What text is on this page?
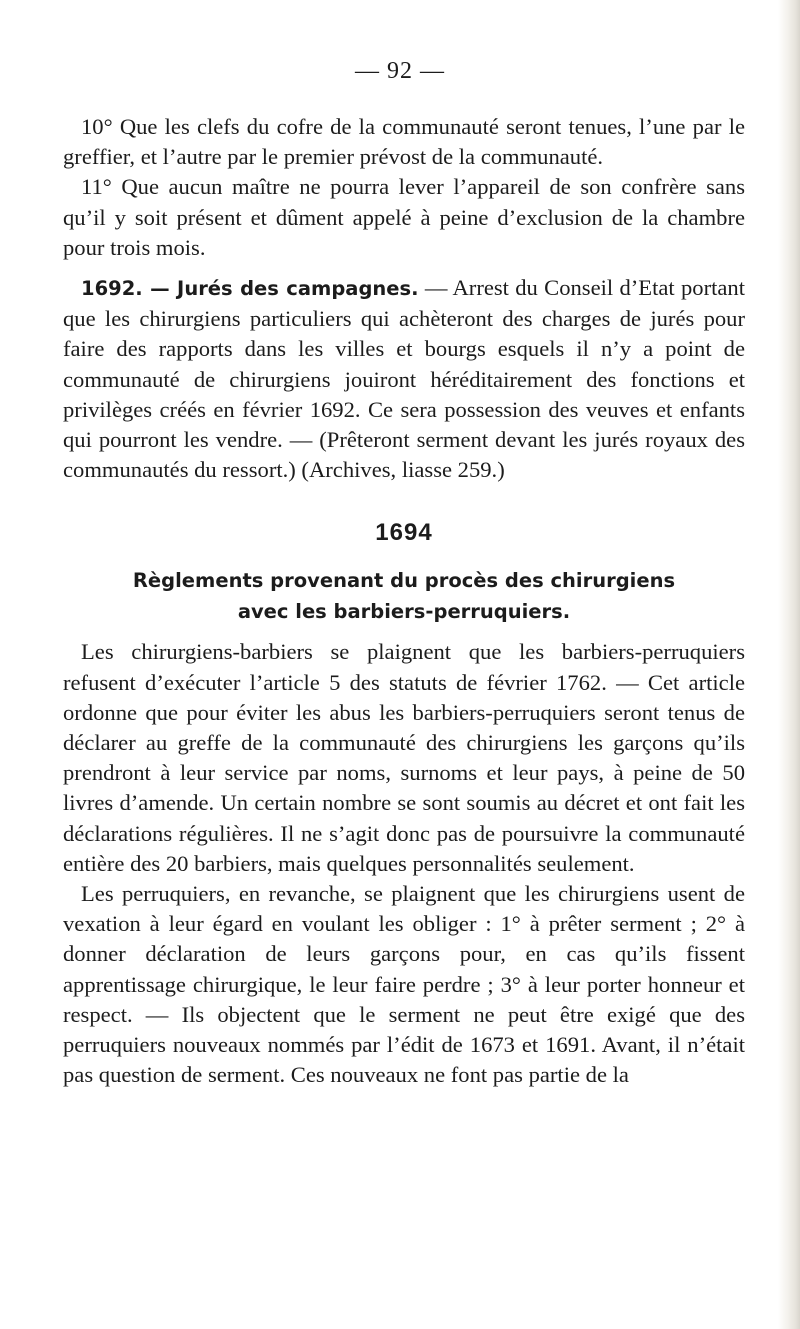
— 92 —

10° Que les clefs du cofre de la communauté seront tenues, l’une par le greffier, et l’autre par le premier prévost de la communauté.

11° Que aucun maître ne pourra lever l’appareil de son confrère sans qu’il y soit présent et dûment appelé à peine d’exclusion de la chambre pour trois mois.

1692. — Jurés des campagnes. — Arrest du Conseil d’Etat portant que les chirurgiens particuliers qui achèteront des charges de jurés pour faire des rapports dans les villes et bourgs esquels il n’y a point de communauté de chirurgiens jouiront héréditairement des fonctions et privilèges créés en février 1692. Ce sera possession des veuves et enfants qui pourront les vendre. — (Prêteront serment devant les jurés royaux des communautés du ressort.) (Archives, liasse 259.)

1694
Règlements provenant du procès des chirurgiens
avec les barbiers-perruquiers.

Les chirurgiens-barbiers se plaignent que les barbiers-perruquiers refusent d’exécuter l’article 5 des statuts de février 1762. — Cet article ordonne que pour éviter les abus les barbiers-perruquiers seront tenus de déclarer au greffe de la communauté des chirurgiens les garçons qu’ils prendront à leur service par noms, surnoms et leur pays, à peine de 50 livres d’amende. Un certain nombre se sont soumis au décret et ont fait les déclarations régulières. Il ne s’agit donc pas de poursuivre la communauté entière des 20 barbiers, mais quelques personnalités seulement.

Les perruquiers, en revanche, se plaignent que les chirurgiens usent de vexation à leur égard en voulant les obliger : 1° à prêter serment ; 2° à donner déclaration de leurs garçons pour, en cas qu’ils fissent apprentissage chirurgique, le leur faire perdre ; 3° à leur porter honneur et respect. — Ils objectent que le serment ne peut être exigé que des perruquiers nouveaux nommés par l’édit de 1673 et 1691. Avant, il n’était pas question de serment. Ces nouveaux ne font pas partie de la
